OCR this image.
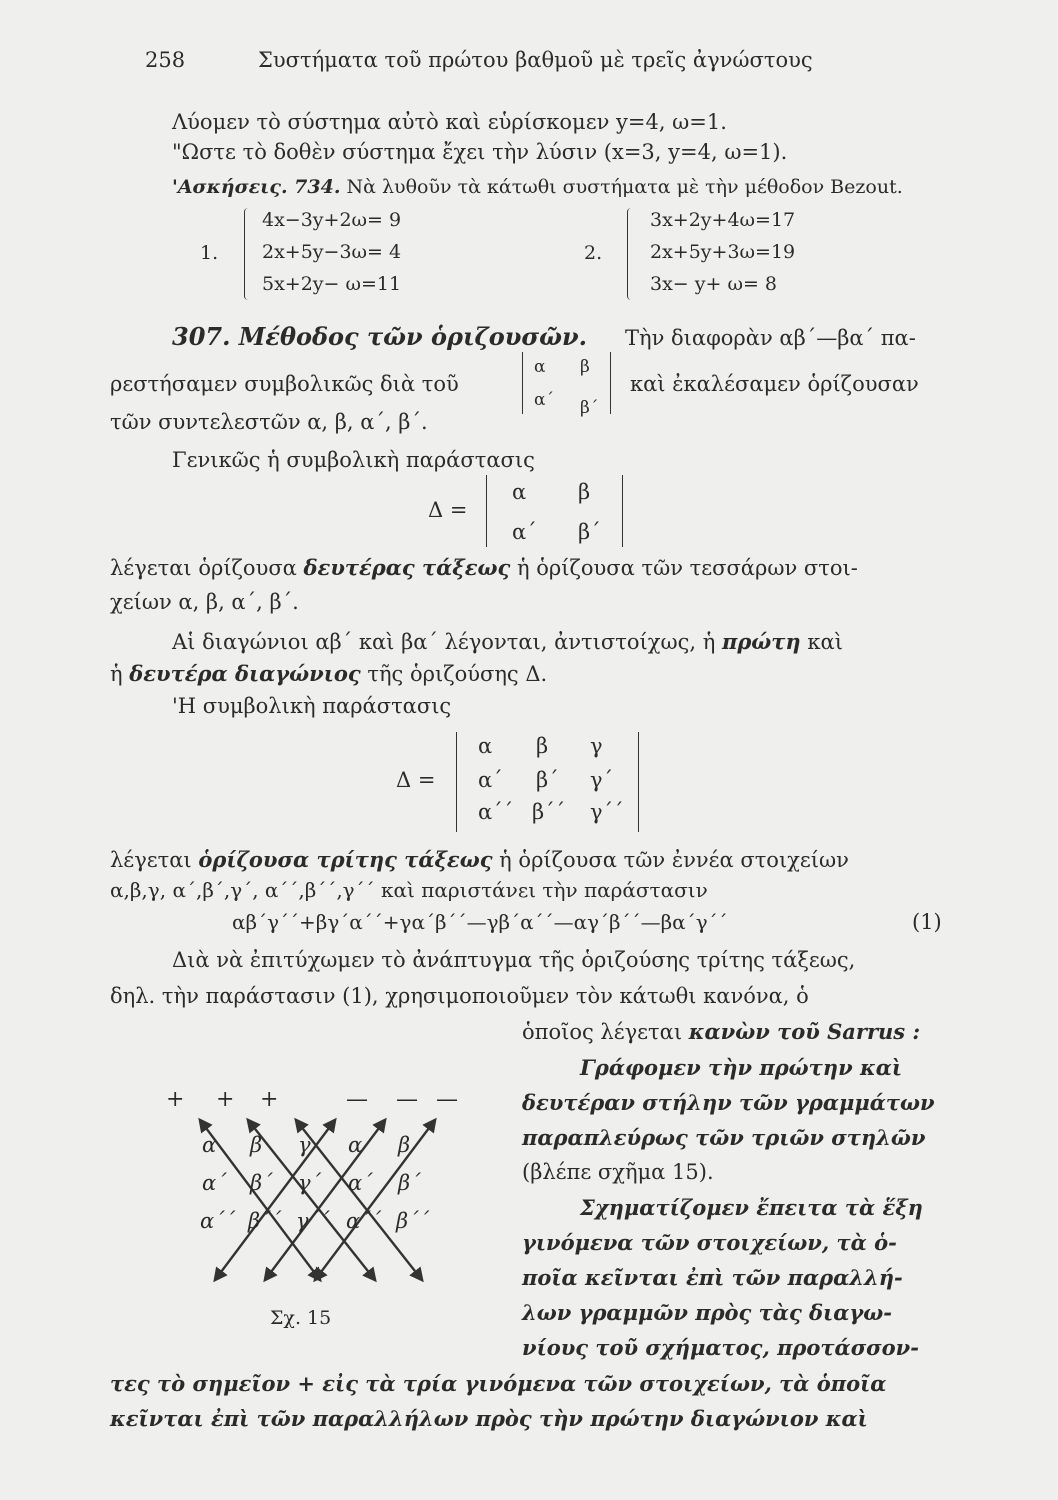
258	Συστήματα τοῦ πρώτου βαθμοῦ μὲ τρεῖς ἀγνώστους
Λύομεν τὸ σύστημα αὐτὸ καὶ εὑρίσκομεν y=4, ω=1.
"Ωστε τὸ δοθὲν σύστημα ἔχει τὴν λύσιν (x=3, y=4, ω=1).
'Ασκήσεις. 734. Νὰ λυθοῦν τὰ κάτωθι συστήματα μὲ τὴν μέθοδον Bezout.
1.
4x−3y+2ω= 9
2x+5y−3ω= 4
5x+2y− ω=11
2.
3x+2y+4ω=17
2x+5y+3ω=19
3x− y+ ω= 8
307. Μέθοδος τῶν ὁριζουσῶν. Τὴν διαφορὰν αβ΄—βα΄ πα-
ρεστήσαμεν συμβολικῶς διὰ τοῦ
α β
α΄ β΄
καὶ ἐκαλέσαμεν ὁρίζουσαν
τῶν συντελεστῶν α, β, α΄, β΄.
Γενικῶς ἡ συμβολικὴ παράστασις
Δ =
α β
α΄ β΄
λέγεται ὁρίζουσα δευτέρας τάξεως ἡ ὁρίζουσα τῶν τεσσάρων στοι-
χείων α, β, α΄, β΄.
Αἱ διαγώνιοι αβ΄ καὶ βα΄ λέγονται, ἀντιστοίχως, ἡ πρώτη καὶ
ἡ δευτέρα διαγώνιος τῆς ὁριζούσης Δ.
'Η συμβολικὴ παράστασις
Δ =
α β γ
α΄ β΄ γ΄
α΄΄ β΄΄ γ΄΄
λέγεται ὁρίζουσα τρίτης τάξεως ἡ ὁρίζουσα τῶν ἐννέα στοιχείων
α,β,γ, α΄,β΄,γ΄, α΄΄,β΄΄,γ΄΄ καὶ παριστάνει τὴν παράστασιν
αβ΄γ΄΄+βγ΄α΄΄+γα΄β΄΄—γβ΄α΄΄—αγ΄β΄΄—βα΄γ΄΄	(1)
Διὰ νὰ ἐπιτύχωμεν τὸ ἀνάπτυγμα τῆς ὁριζούσης τρίτης τάξεως,
δηλ. τὴν παράστασιν (1), χρησιμοποιοῦμεν τὸν κάτωθι κανόνα, ὁ
ὁποῖος λέγεται κανὼν τοῦ Sarrus :
Γράφομεν τὴν πρώτην καὶ
δευτέραν στήλην τῶν γραμμάτων
παραπλεύρως τῶν τριῶν στηλῶν
(βλέπε σχῆμα 15).
Σχηματίζομεν ἔπειτα τὰ ἕξη
γινόμενα τῶν στοιχείων, τὰ ὁ-
ποῖα κεῖνται ἐπὶ τῶν παραλλή-
λων γραμμῶν πρὸς τὰς διαγω-
νίους τοῦ σχήματος, προτάσσον-
τες τὸ σημεῖον + εἰς τὰ τρία γινόμενα τῶν στοιχείων, τὰ ὁποῖα
κεῖνται ἐπὶ τῶν παραλλήλων πρὸς τὴν πρώτην διαγώνιον καὶ
+ + +	— — —
α β γ α β
α΄ β΄ γ΄ α΄ β΄
α΄΄ β΄΄ γ΄΄ α΄΄ β΄΄
Σχ. 15
